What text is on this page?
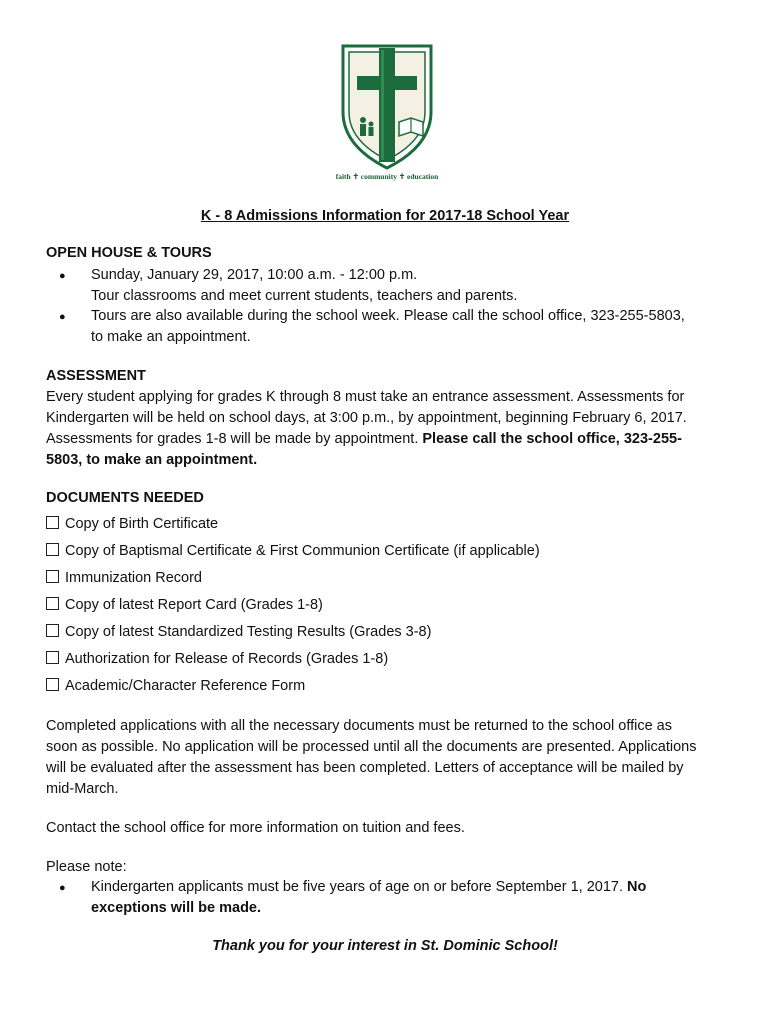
faith ✝ community ✝ education
K - 8 Admissions Information for 2017-18 School Year
OPEN HOUSE & TOURS
● Sunday, January 29, 2017, 10:00 a.m. - 12:00 p.m.
Tour classrooms and meet current students, teachers and parents.
● Tours are also available during the school week. Please call the school office, 323-255-5803,
to make an appointment.
ASSESSMENT
Every student applying for grades K through 8 must take an entrance assessment. Assessments for
Kindergarten will be held on school days, at 3:00 p.m., by appointment, beginning February 6, 2017.
Assessments for grades 1-8 will be made by appointment. Please call the school office, 323-255-
5803, to make an appointment.
DOCUMENTS NEEDED
Copy of Birth Certificate
Copy of Baptismal Certificate & First Communion Certificate (if applicable)
Immunization Record
Copy of latest Report Card (Grades 1-8)
Copy of latest Standardized Testing Results (Grades 3-8)
Authorization for Release of Records (Grades 1-8)
Academic/Character Reference Form
Completed applications with all the necessary documents must be returned to the school office as
soon as possible. No application will be processed until all the documents are presented. Applications
will be evaluated after the assessment has been completed. Letters of acceptance will be mailed by
mid-March.
Contact the school office for more information on tuition and fees.
Please note:
● Kindergarten applicants must be five years of age on or before September 1, 2017. No
exceptions will be made.
Thank you for your interest in St. Dominic School!
